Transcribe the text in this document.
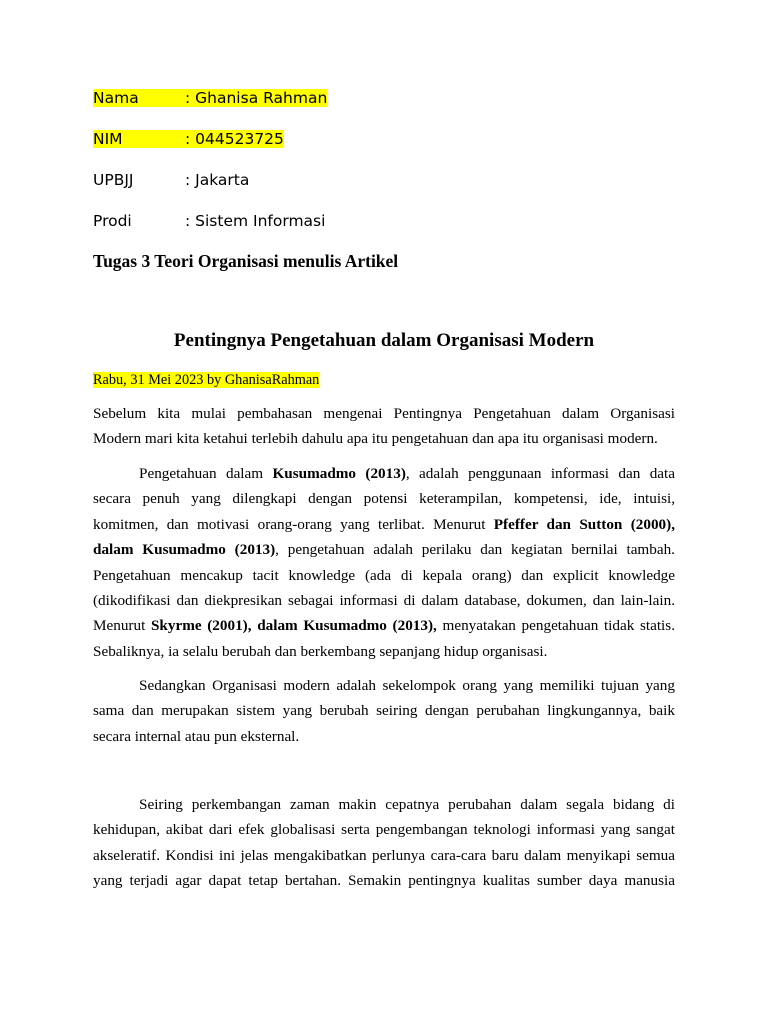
Nama	: Ghanisa Rahman
NIM	: 044523725
UPBJJ	: Jakarta
Prodi	: Sistem Informasi
Tugas 3 Teori Organisasi menulis Artikel
Pentingnya Pengetahuan dalam Organisasi Modern
Rabu, 31 Mei 2023 by GhanisaRahman
Sebelum kita mulai pembahasan mengenai Pentingnya Pengetahuan dalam Organisasi
Modern mari kita ketahui terlebih dahulu apa itu pengetahuan dan apa itu organisasi modern.
Pengetahuan dalam Kusumadmo (2013), adalah penggunaan informasi dan data
secara penuh yang dilengkapi dengan potensi keterampilan, kompetensi, ide, intuisi,
komitmen, dan motivasi orang-orang yang terlibat. Menurut Pfeffer dan Sutton (2000),
dalam Kusumadmo (2013), pengetahuan adalah perilaku dan kegiatan bernilai tambah.
Pengetahuan mencakup tacit knowledge (ada di kepala orang) dan explicit knowledge
(dikodifikasi dan diekpresikan sebagai informasi di dalam database, dokumen, dan lain-lain.
Menurut Skyrme (2001), dalam Kusumadmo (2013), menyatakan pengetahuan tidak statis.
Sebaliknya, ia selalu berubah dan berkembang sepanjang hidup organisasi.
Sedangkan Organisasi modern adalah sekelompok orang yang memiliki tujuan yang
sama dan merupakan sistem yang berubah seiring dengan perubahan lingkungannya, baik
secara internal atau pun eksternal.
Seiring perkembangan zaman makin cepatnya perubahan dalam segala bidang di
kehidupan, akibat dari efek globalisasi serta pengembangan teknologi informasi yang sangat
akseleratif. Kondisi ini jelas mengakibatkan perlunya cara-cara baru dalam menyikapi semua
yang terjadi agar dapat tetap bertahan. Semakin pentingnya kualitas sumber daya manusia
